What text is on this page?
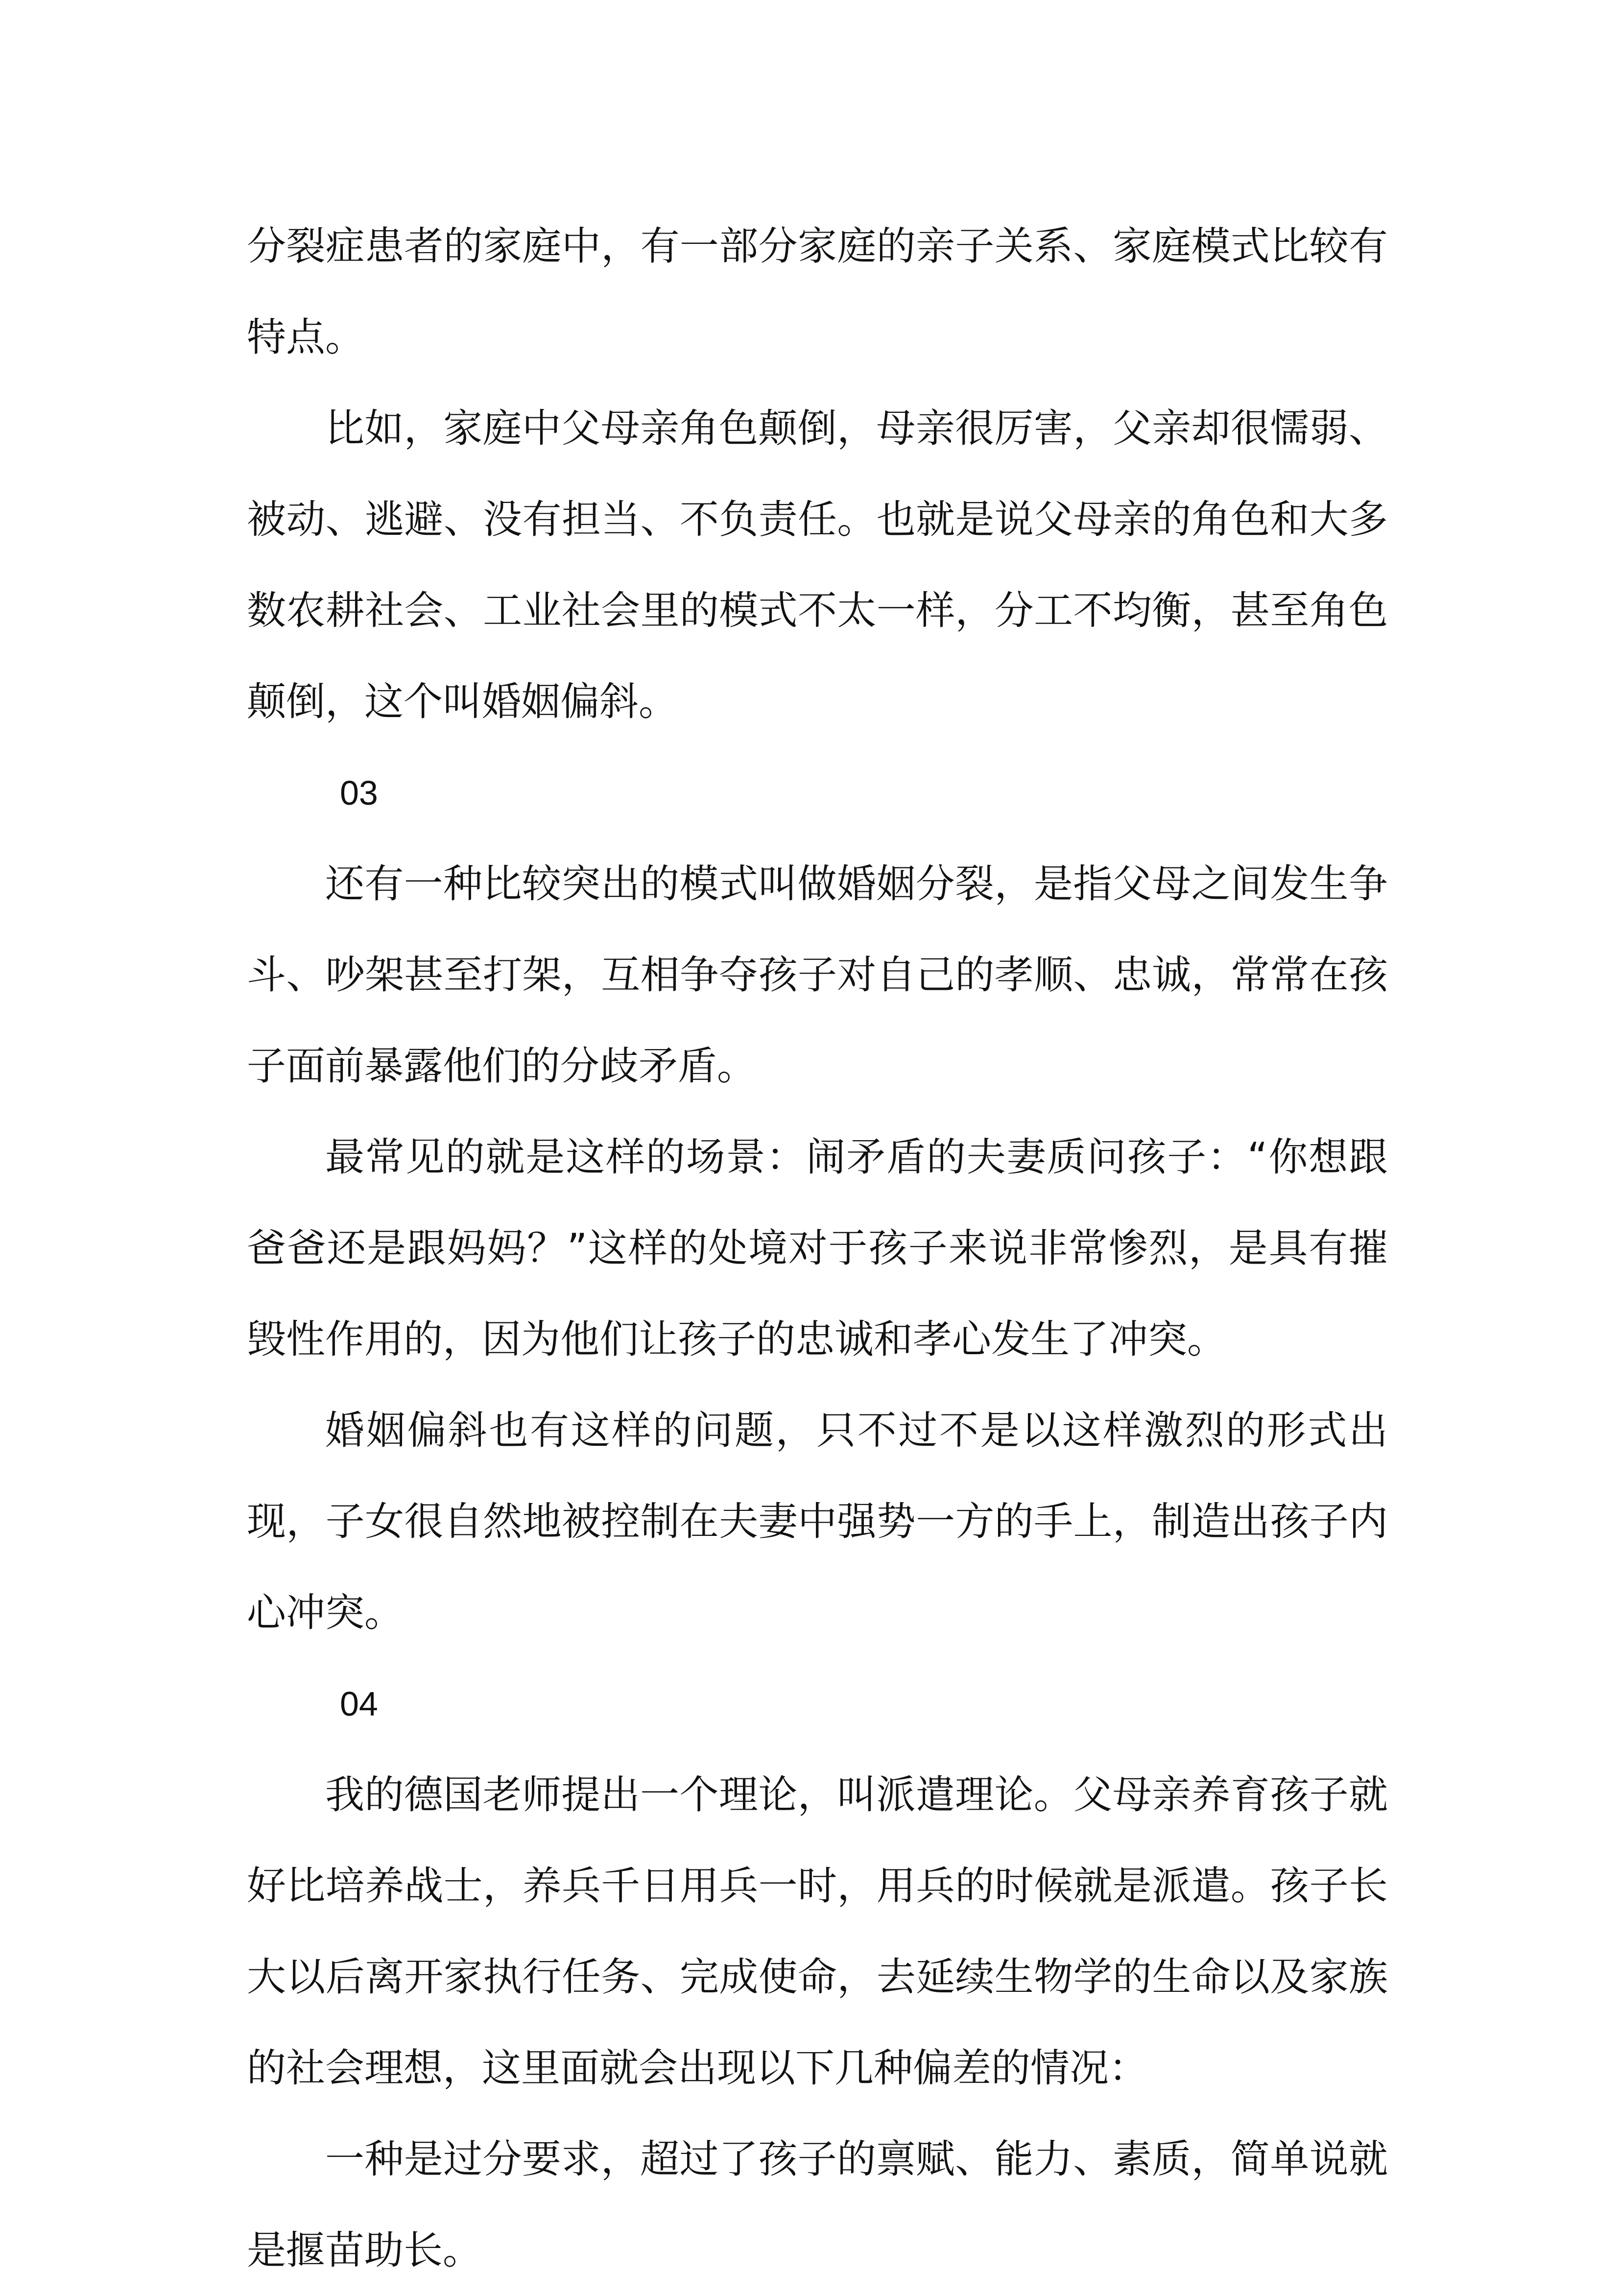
分裂症患者的家庭中，有一部分家庭的亲子关系、家庭模式比较有特点。

比如，家庭中父母亲角色颠倒，母亲很厉害，父亲却很懦弱、被动、逃避、没有担当、不负责任。也就是说父母亲的角色和大多数农耕社会、工业社会里的模式不太一样，分工不均衡，甚至角色颠倒，这个叫婚姻偏斜。

03

还有一种比较突出的模式叫做婚姻分裂，是指父母之间发生争斗、吵架甚至打架，互相争夺孩子对自己的孝顺、忠诚，常常在孩子面前暴露他们的分歧矛盾。

最常见的就是这样的场景：闹矛盾的夫妻质问孩子：“你想跟爸爸还是跟妈妈？”这样的处境对于孩子来说非常惨烈，是具有摧毁性作用的，因为他们让孩子的忠诚和孝心发生了冲突。

婚姻偏斜也有这样的问题，只不过不是以这样激烈的形式出现，子女很自然地被控制在夫妻中强势一方的手上，制造出孩子内心冲突。

04

我的德国老师提出一个理论，叫派遣理论。父母亲养育孩子就好比培养战士，养兵千日用兵一时，用兵的时候就是派遣。孩子长大以后离开家执行任务、完成使命，去延续生物学的生命以及家族的社会理想，这里面就会出现以下几种偏差的情况：

一种是过分要求，超过了孩子的禀赋、能力、素质，简单说就是揠苗助长。
